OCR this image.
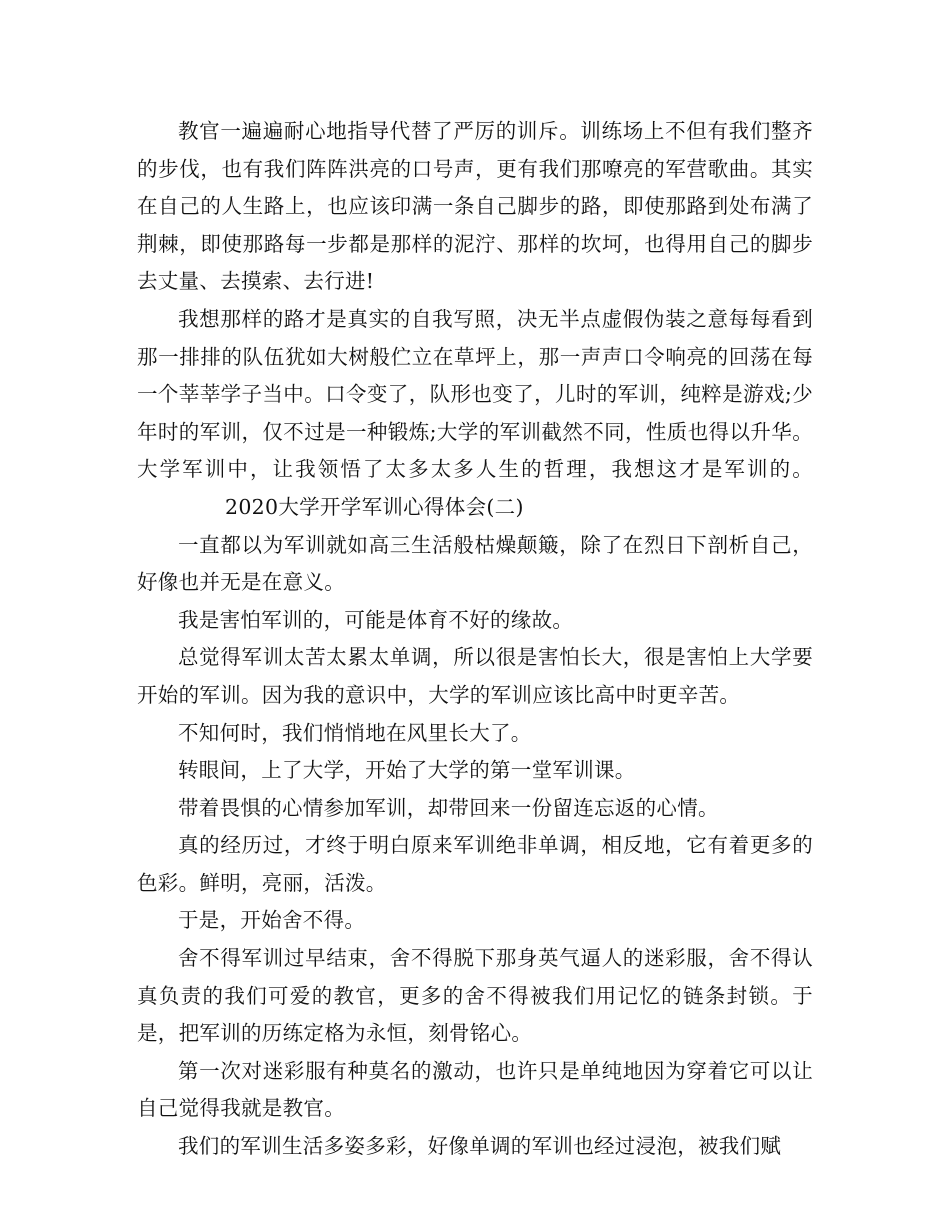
教官一遍遍耐心地指导代替了严厉的训斥。训练场上不但有我们整齐的步伐，也有我们阵阵洪亮的口号声，更有我们那嘹亮的军营歌曲。其实在自己的人生路上，也应该印满一条自己脚步的路，即使那路到处布满了荆棘，即使那路每一步都是那样的泥泞、那样的坎坷，也得用自己的脚步去丈量、去摸索、去行进!

我想那样的路才是真实的自我写照，决无半点虚假伪装之意每每看到那一排排的队伍犹如大树般伫立在草坪上，那一声声口令响亮的回荡在每一个莘莘学子当中。口令变了，队形也变了，儿时的军训，纯粹是游戏;少年时的军训，仅不过是一种锻炼;大学的军训截然不同，性质也得以升华。大学军训中，让我领悟了太多太多人生的哲理，我想这才是军训的。2020大学开学军训心得体会(二)

一直都以为军训就如高三生活般枯燥颠簸，除了在烈日下剖析自己，好像也并无是在意义。

我是害怕军训的，可能是体育不好的缘故。

总觉得军训太苦太累太单调，所以很是害怕长大，很是害怕上大学要开始的军训。因为我的意识中，大学的军训应该比高中时更辛苦。

不知何时，我们悄悄地在风里长大了。

转眼间，上了大学，开始了大学的第一堂军训课。

带着畏惧的心情参加军训，却带回来一份留连忘返的心情。

真的经历过，才终于明白原来军训绝非单调，相反地，它有着更多的色彩。鲜明，亮丽，活泼。

于是，开始舍不得。

舍不得军训过早结束，舍不得脱下那身英气逼人的迷彩服，舍不得认真负责的我们可爱的教官，更多的舍不得被我们用记忆的链条封锁。于是，把军训的历练定格为永恒，刻骨铭心。

第一次对迷彩服有种莫名的激动，也许只是单纯地因为穿着它可以让自己觉得我就是教官。

我们的军训生活多姿多彩，好像单调的军训也经过浸泡，被我们赋
